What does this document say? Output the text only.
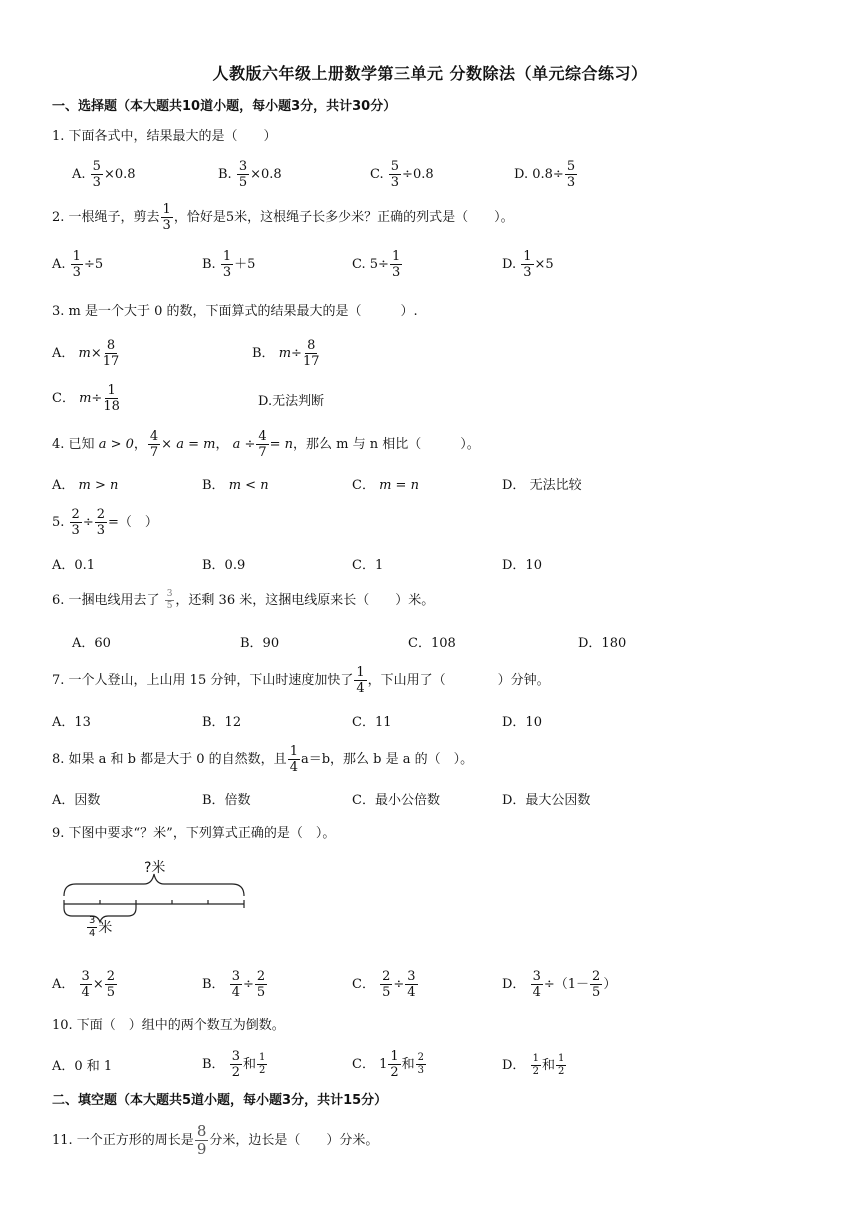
人教版六年级上册数学第三单元 分数除法（单元综合练习）
一、选择题（本大题共10道小题，每小题3分，共计30分）
1. 下面各式中，结果最大的是（　　）
A.
$\frac{5}{3} \times 0.8$	B.
$\frac{3}{5} \times 0.8$	C.
$\frac{5}{3} \div 0.8$	D.
$0.8\div \frac{5}{3}$
2. 一根绳子，剪去 $\frac{1}{3}$ ，恰好是5米，这根绳子长多少米？正确的列式是（　　）。
A.
$\frac{1}{3} \div 5$	B.
$\frac{1}{3} +5$	C.
$5\div \frac{1}{3}$	D.
$\frac{1}{3} \times 5$
3. m 是一个大于 0 的数，下面算式的结果最大的是（　　　）.
A．
$m \times \frac{8}{17}$	B．
$m \div \frac{8}{17}$
C．
$m \div \frac{1}{18}$	D.无法判断
4. 已知
a > 0 ， $\frac{4}{7} \times a = m$ ， $a \div \frac{4}{7} = n$ ，那么 m 与 n 相比（　　　）。
A．
m > n	B．
m < n	C．
m = n	D．
无法比较
5.
$\frac{2}{3} \div \frac{2}{3}$ =（　）
A．0.1	B．0.9	C．1	D．10
6. 一捆电线用去了
$\frac{3}{5}$ ，还剩 36 米，这捆电线原来长（　　）米。
A．60	B．90	C．108	D．180
7. 一个人登山，上山用 15 分钟，下山时速度加快了 $\frac{1}{4}$ ，下山用了（　　　　）分钟。
A．13	B．12	C．11	D．10
8. 如果 a 和 b 都是大于 0 的自然数，且 $\frac{1}{4} a=b$，那么 b 是 a 的（　）。
A．因数	B．倍数	C．最小公倍数	D．最大公因数
9. 下图中要求“？米”，下列算式正确的是（　）。
?米
$\frac{3}{4}$ 米
A．
$\frac{3}{4} \times \frac{2}{5}$	B．
$\frac{3}{4} \div \frac{2}{5}$	C．
$\frac{2}{5} \div \frac{3}{4}$	D．
$\frac{3}{4} \div(1- \frac{2}{5}$ ）
10. 下面（　）组中的两个数互为倒数。
A．0 和 1	B．
$\frac{3}{2}$ 和 $\frac{1}{2}$	C．
$1 \frac{1}{2}$ 和 $\frac{2}{3}$	D．
$\frac{1}{2}$ 和 $\frac{1}{2}$
二、填空题（本大题共5道小题，每小题3分，共计15分）
11. 一个正方形的周长是 $\frac{8}{9}$ 分米，边长是（　　）分米。
